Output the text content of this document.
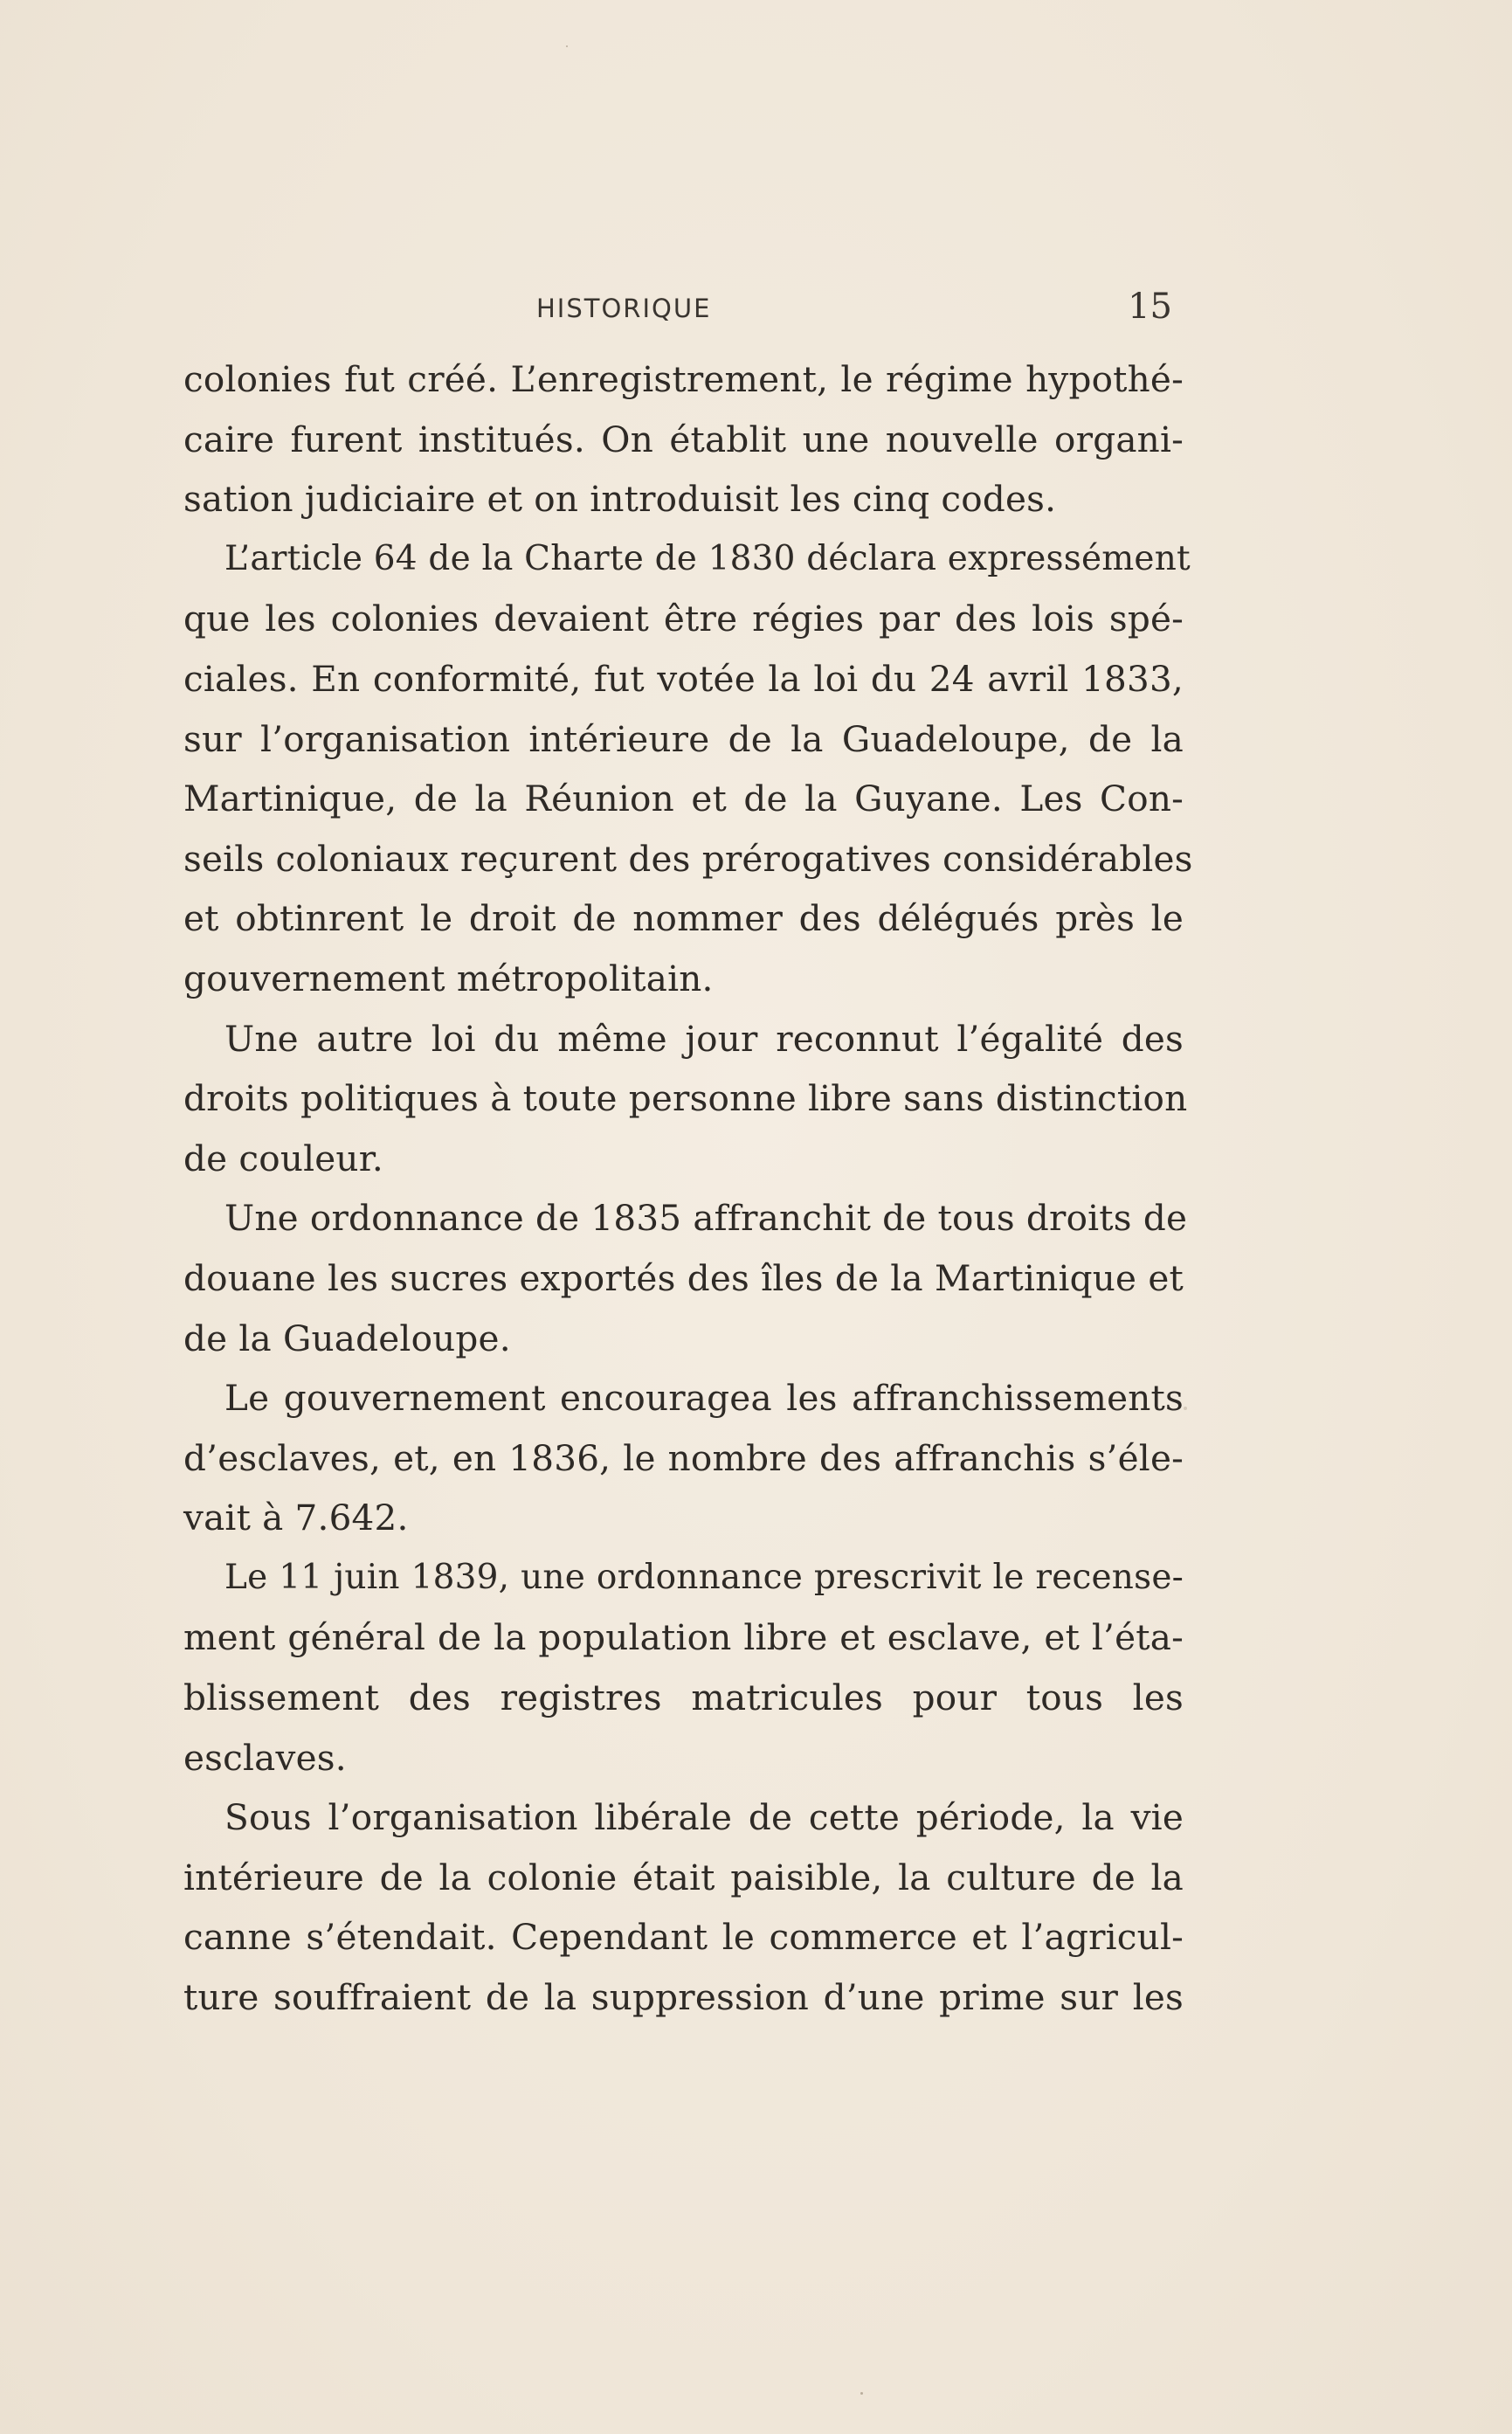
HISTORIQUE	15
colonies fut créé. L’enregistrement, le régime hypothé-
caire furent institués. On établit une nouvelle organi-
sation judiciaire et on introduisit les cinq codes.
L’article 64 de la Charte de 1830 déclara expressément
que les colonies devaient être régies par des lois spé-
ciales. En conformité, fut votée la loi du 24 avril 1833,
sur l’organisation intérieure de la Guadeloupe, de la
Martinique, de la Réunion et de la Guyane. Les Con-
seils coloniaux reçurent des prérogatives considérables
et obtinrent le droit de nommer des délégués près le
gouvernement métropolitain.
Une autre loi du même jour reconnut l’égalité des
droits politiques à toute personne libre sans distinction
de couleur.
Une ordonnance de 1835 affranchit de tous droits de
douane les sucres exportés des îles de la Martinique et
de la Guadeloupe.
Le gouvernement encouragea les affranchissements
d’esclaves, et, en 1836, le nombre des affranchis s’éle-
vait à 7.642.
Le 11 juin 1839, une ordonnance prescrivit le recense-
ment général de la population libre et esclave, et l’éta-
blissement des registres matricules pour tous les
esclaves.
Sous l’organisation libérale de cette période, la vie
intérieure de la colonie était paisible, la culture de la
canne s’étendait. Cependant le commerce et l’agricul-
ture souffraient de la suppression d’une prime sur les
